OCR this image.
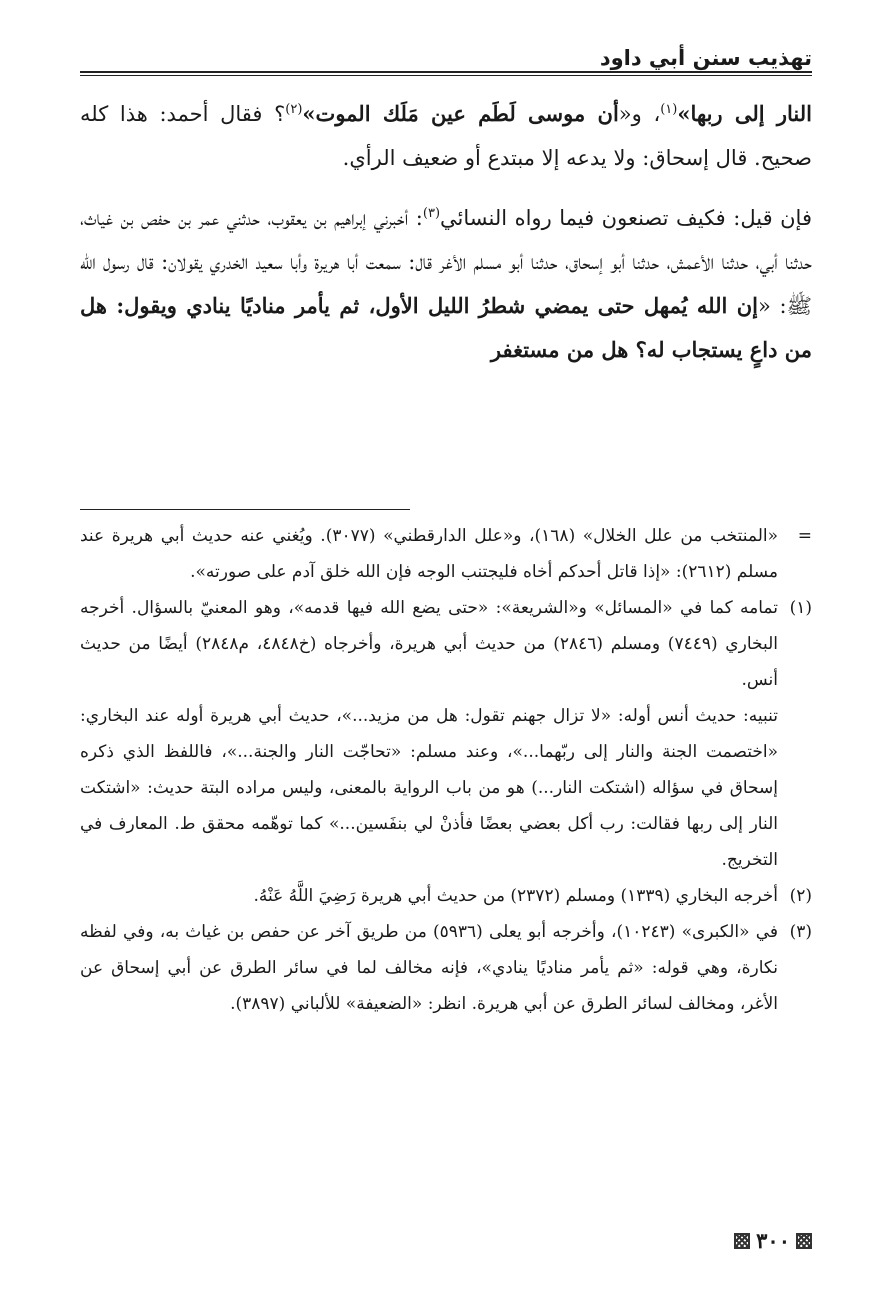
تهذيب سنن أبي داود

النار إلى ربها»$^{(١)}$، و«أن موسى لَطَم عين مَلَك الموت»$^{(٢)}$؟ فقال أحمد: هذا كله صحيح. قال إسحاق: ولا يدعه إلا مبتدع أو ضعيف الرأي.

فإن قيل: فكيف تصنعون فيما رواه النسائي$^{(٣)}$: أخبرني إبراهيم بن يعقوب، حدثني عمر بن حفص بن غياث، حدثنا أبي، حدثنا الأعمش، حدثنا أبو إسحاق، حدثنا أبو مسلم الأغر قال: سمعت أبا هريرة وأبا سعيد الخدري يقولان: قال رسول الله ﷺ: «إن الله يُمهل حتى يمضي شطرُ الليل الأول، ثم يأمر مناديًا ينادي ويقول: هل من داعٍ يستجاب له؟ هل من مستغفر

=
«المنتخب من علل الخلال» (١٦٨)، و«علل الدارقطني» (٣٠٧٧). ويُغني عنه حديث أبي هريرة عند مسلم (٢٦١٢): «إذا قاتل أحدكم أخاه فليجتنب الوجه فإن الله خلق آدم على صورته».

(١)
تمامه كما في «المسائل» و«الشريعة»: «حتى يضع الله فيها قدمه»، وهو المعنيّ بالسؤال. أخرجه البخاري (٧٤٤٩) ومسلم (٢٨٤٦) من حديث أبي هريرة، وأخرجاه (خ٤٨٤٨، م٢٨٤٨) أيضًا من حديث أنس.

تنبيه: حديث أنس أوله: «لا تزال جهنم تقول: هل من مزيد...»، حديث أبي هريرة أوله عند البخاري: «اختصمت الجنة والنار إلى ربّهما...»، وعند مسلم: «تحاجّت النار والجنة...»، فاللفظ الذي ذكره إسحاق في سؤاله (اشتكت النار...) هو من باب الرواية بالمعنى، وليس مراده البتة حديث: «اشتكت النار إلى ربها فقالت: رب أكل بعضي بعضًا فأذنْ لي بنفَسين...» كما توهّمه محقق ط. المعارف في التخريج.

(٢)
أخرجه البخاري (١٣٣٩) ومسلم (٢٣٧٢) من حديث أبي هريرة رَضِيَ اللَّهُ عَنْهُ.

(٣)
في «الكبرى» (١٠٢٤٣)، وأخرجه أبو يعلى (٥٩٣٦) من طريق آخر عن حفص بن غياث به، وفي لفظه نكارة، وهي قوله: «ثم يأمر مناديًا ينادي»، فإنه مخالف لما في سائر الطرق عن أبي إسحاق عن الأغر، ومخالف لسائر الطرق عن أبي هريرة. انظر: «الضعيفة» للألباني (٣٨٩٧).

٣٠٠
